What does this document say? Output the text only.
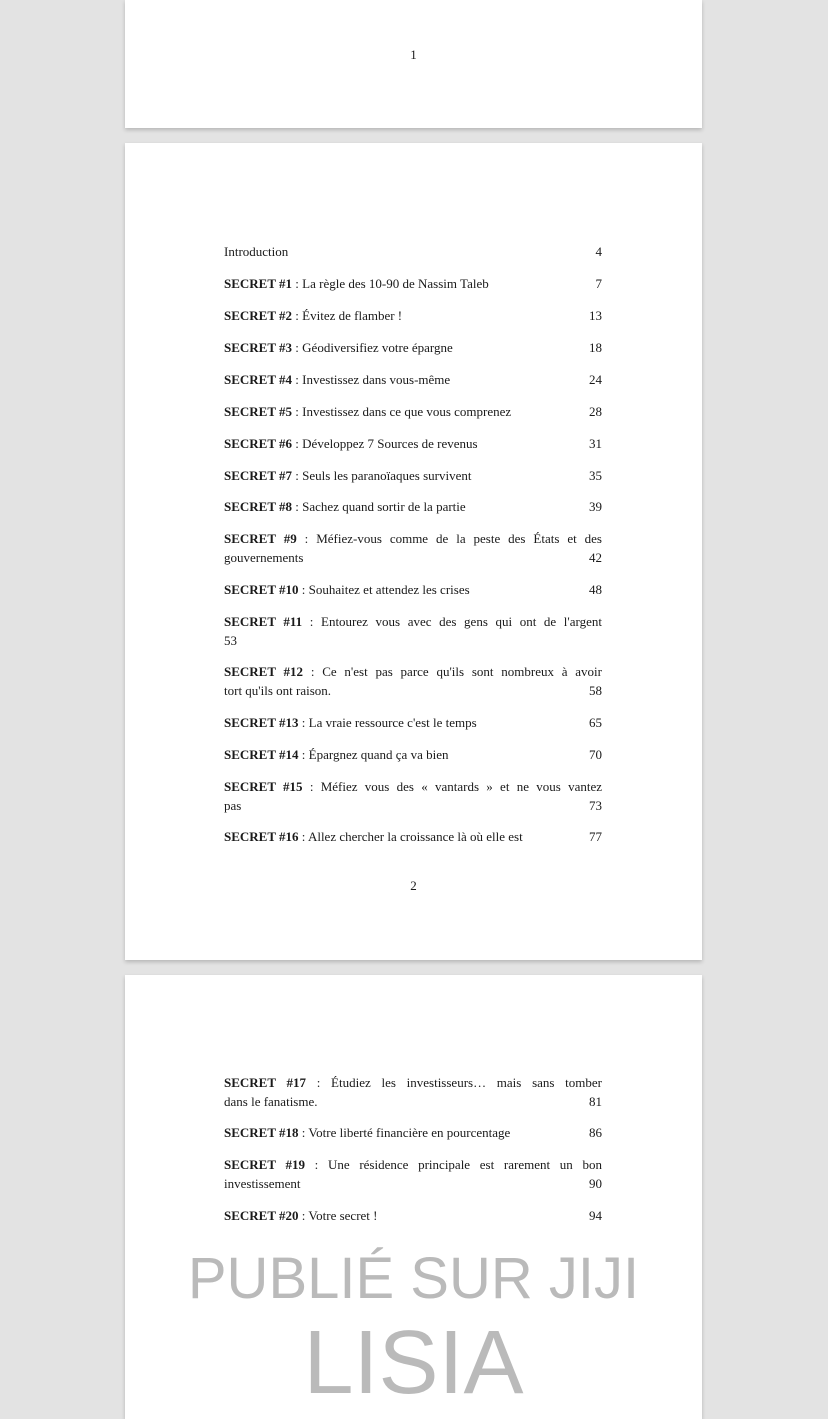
1
2
Introduction	4
SECRET #1 : La règle des 10-90 de Nassim Taleb	7
SECRET #2 : Évitez de flamber !	13
SECRET #3 : Géodiversifiez votre épargne	18
SECRET #4 : Investissez dans vous-même	24
SECRET #5 : Investissez dans ce que vous comprenez	28
SECRET #6 : Développez 7 Sources de revenus	31
SECRET #7 : Seuls les paranoïaques survivent	35
SECRET #8 : Sachez quand sortir de la partie	39
SECRET #9 : Méfiez-vous comme de la peste des États et des
gouvernements	42
SECRET #10 : Souhaitez et attendez les crises	48
SECRET #11 : Entourez vous avec des gens qui ont de l'argent
53
SECRET #12 : Ce n'est pas parce qu'ils sont nombreux à avoir
tort qu'ils ont raison.	58
SECRET #13 : La vraie ressource c'est le temps	65
SECRET #14 : Épargnez quand ça va bien	70
SECRET #15 : Méfiez vous des « vantards » et ne vous vantez
pas	73
SECRET #16 : Allez chercher la croissance là où elle est	77
SECRET #17 : Étudiez les investisseurs… mais sans tomber
dans le fanatisme.	81
SECRET #18 : Votre liberté financière en pourcentage	86
SECRET #19 : Une résidence principale est rarement un bon
investissement	90
SECRET #20 : Votre secret !	94
PUBLIÉ SUR JIJI
LISIA
